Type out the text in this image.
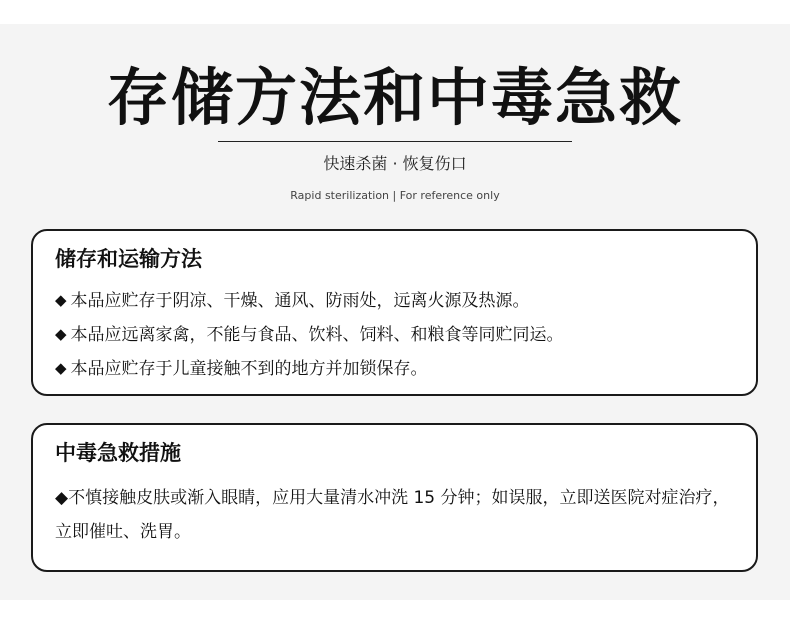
存储方法和中毒急救
快速杀菌 · 恢复伤口
Rapid sterilization | For reference only
储存和运输方法
◆ 本品应贮存于阴凉、干燥、通风、防雨处，远离火源及热源。
◆ 本品应远离家禽，不能与食品、饮料、饲料、和粮食等同贮同运。
◆ 本品应贮存于儿童接触不到的地方并加锁保存。
中毒急救措施
◆不慎接触皮肤或渐入眼睛，应用大量清水冲洗 15 分钟；如误服，立即送医院对症治疗，立即催吐、洗胃。
